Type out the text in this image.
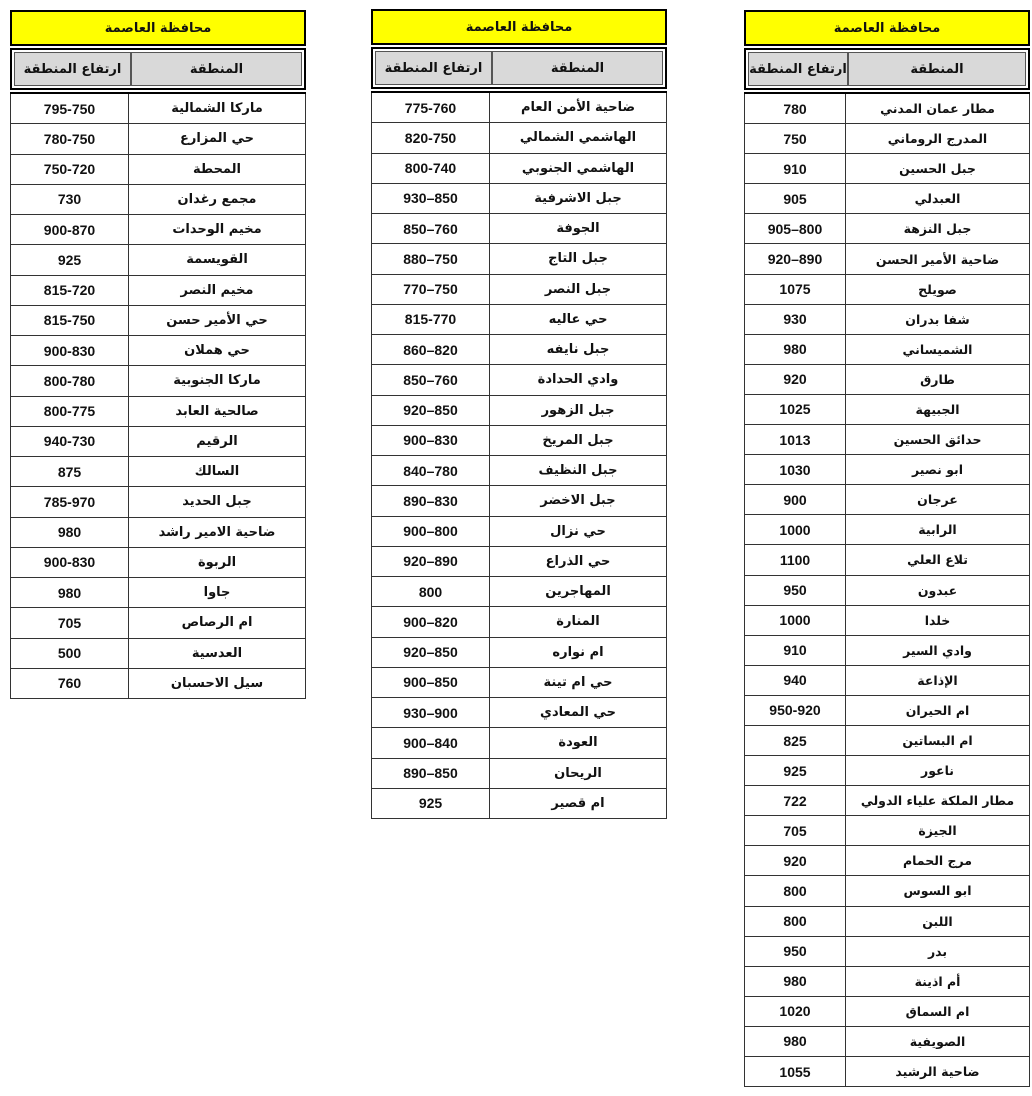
محافظة العاصمة
ارتفاع المنطقة	المنطقة
795-750	ماركا الشمالية
780-750	حي المزارع
750-720	المحطة
730	مجمع رغدان
900-870	مخيم الوحدات
925	القويسمة
815-720	مخيم النصر
815-750	حي الأمير حسن
900-830	حي هملان
800-780	ماركا الجنوبية
800-775	صالحية العابد
940-730	الرقيم
875	السالك
785-970	جبل الحديد
980	ضاحية الامير راشد
900-830	الربوة
980	جاوا
705	ام الرصاص
500	العدسية
760	سيل الاحسبان
محافظة العاصمة
ارتفاع المنطقة	المنطقة
775-760	ضاحية الأمن العام
820-750	الهاشمي الشمالي
800-740	الهاشمي الجنوبي
930–850	جبل الاشرفية
850–760	الجوفة
880–750	جبل التاج
770–750	جبل النصر
815-770	حي عاليه
860–820	جبل نايفه
850–760	وادي الحدادة
920–850	جبل الزهور
900–830	جبل المريخ
840–780	جبل النظيف
890–830	جبل الاخضر
900–800	حي نزال
920–890	حي الذراع
800	المهاجرين
900–820	المنارة
920–850	ام نواره
900–850	حي ام تينة
930–900	حي المعادي
900–840	العودة
890–850	الريحان
925	ام قصير
محافظة العاصمة
ارتفاع المنطقة	المنطقة
780	مطار عمان المدني
750	المدرج الروماني
910	جبل الحسين
905	العبدلي
905–800	جبل النزهة
920–890	ضاحية الأمير الحسن
1075	صويلح
930	شفا بدران
980	الشميساني
920	طارق
1025	الجبيهة
1013	حدائق الحسين
1030	ابو نصير
900	عرجان
1000	الرابية
1100	تلاع العلي
950	عبدون
1000	خلدا
910	وادي السير
940	الإذاعة
950-920	ام الحيران
825	ام البساتين
925	ناعور
722	مطار الملكة علياء الدولي
705	الجيزة
920	مرج الحمام
800	ابو السوس
800	اللبن
950	بدر
980	أم اذينة
1020	ام السماق
980	الصويفية
1055	ضاحية الرشيد
